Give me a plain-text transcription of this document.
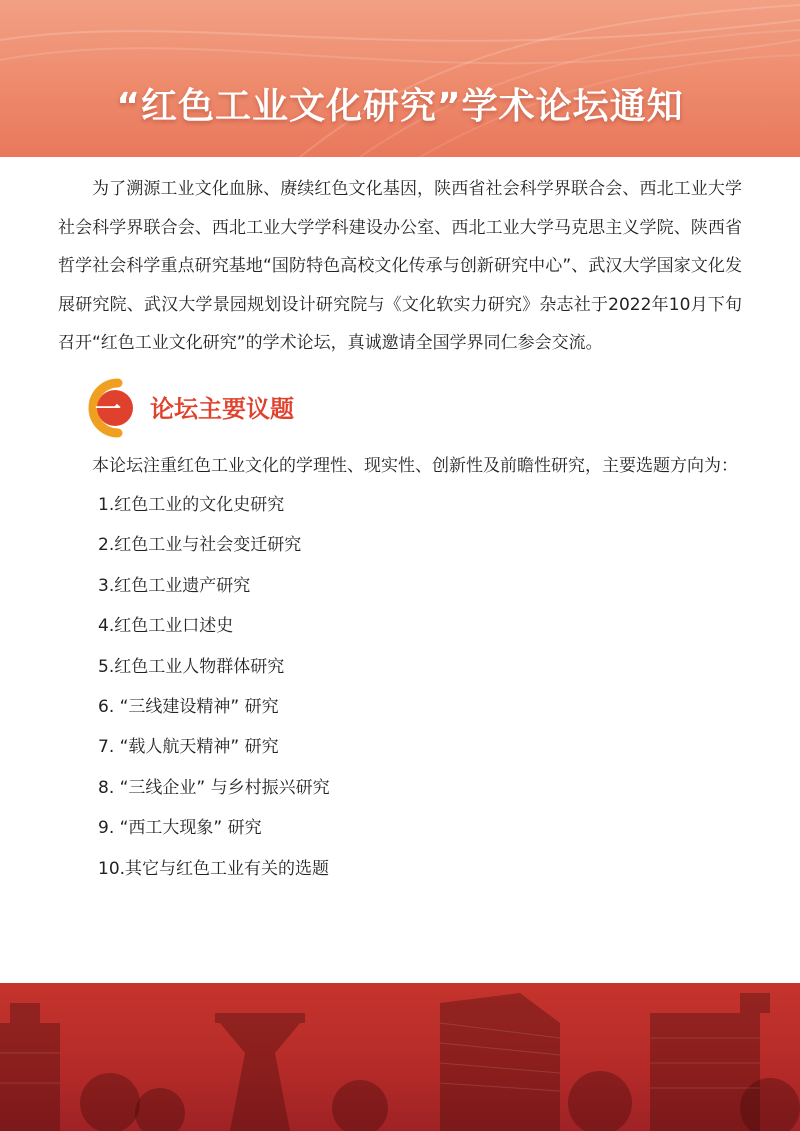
“红色工业文化研究”学术论坛通知

为了溯源工业文化血脉、赓续红色文化基因，陕西省社会科学界联合会、西北工业大学社会科学界联合会、西北工业大学学科建设办公室、西北工业大学马克思主义学院、陕西省哲学社会科学重点研究基地“国防特色高校文化传承与创新研究中心”、武汉大学国家文化发展研究院、武汉大学景园规划设计研究院与《文化软实力研究》杂志社于2022年10月下旬召开“红色工业文化研究”的学术论坛，真诚邀请全国学界同仁参会交流。

一 论坛主要议题

本论坛注重红色工业文化的学理性、现实性、创新性及前瞻性研究，主要选题方向为：

1.红色工业的文化史研究
2.红色工业与社会变迁研究
3.红色工业遗产研究
4.红色工业口述史
5.红色工业人物群体研究
6. “三线建设精神” 研究
7. “载人航天精神” 研究
8. “三线企业” 与乡村振兴研究
9. “西工大现象” 研究
10.其它与红色工业有关的选题
